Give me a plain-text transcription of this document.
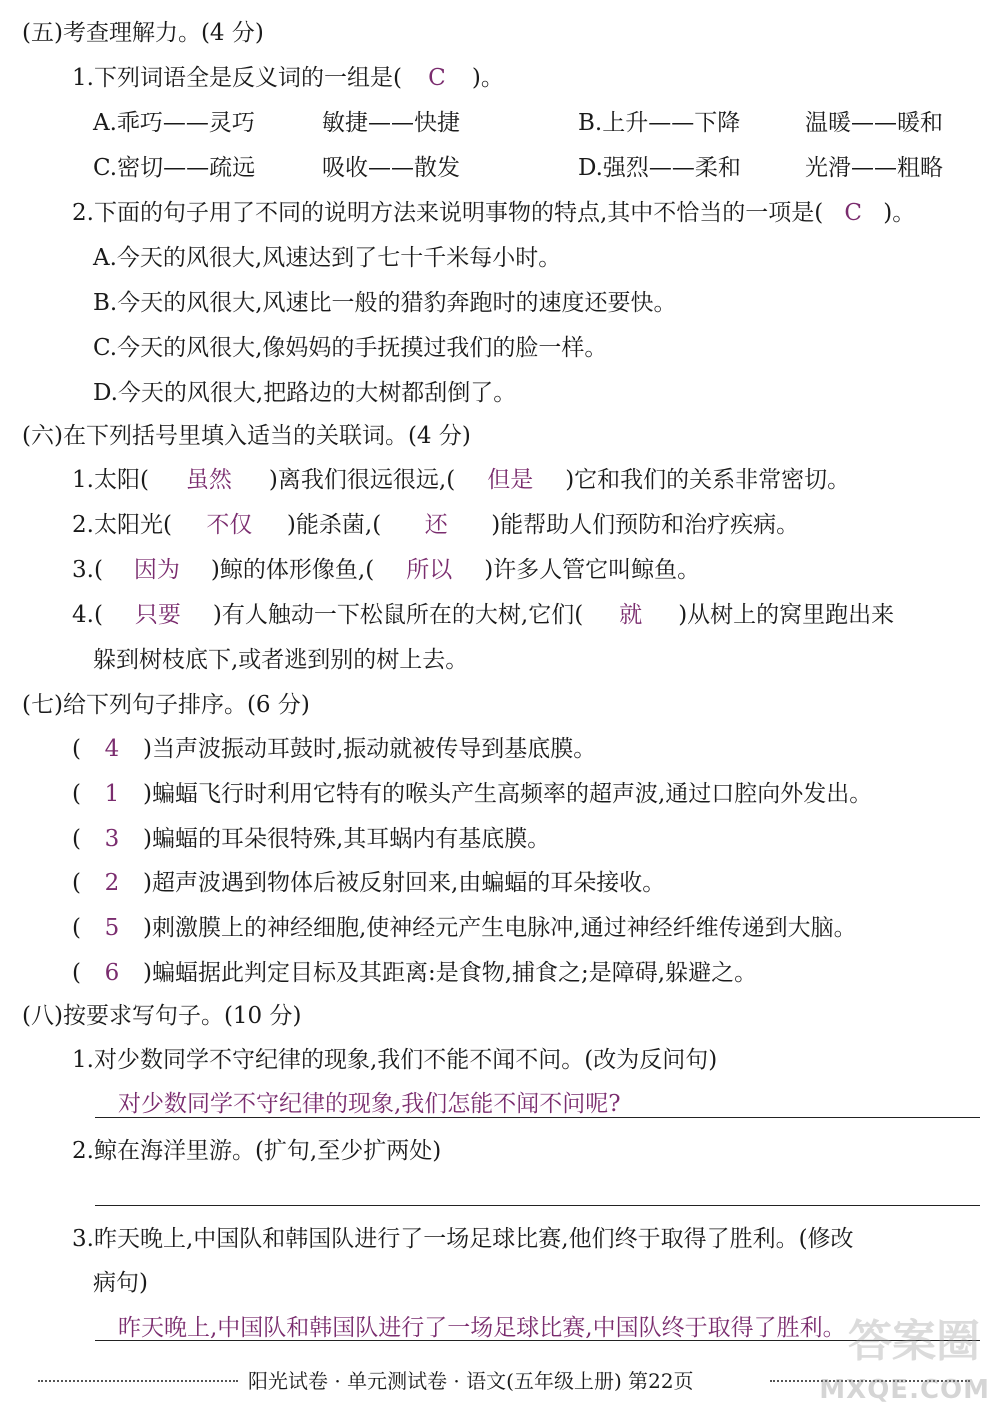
(五)考查理解力。(4 分)
1.下列词语全是反义词的一组是( C )。
A.乖巧——灵巧	敏捷——快捷	B.上升——下降	温暖——暖和
C.密切——疏远	吸收——散发	D.强烈——柔和	光滑——粗略
2.下面的句子用了不同的说明方法来说明事物的特点,其中不恰当的一项是( C )。
A.今天的风很大,风速达到了七十千米每小时。
B.今天的风很大,风速比一般的猎豹奔跑时的速度还要快。
C.今天的风很大,像妈妈的手抚摸过我们的脸一样。
D.今天的风很大,把路边的大树都刮倒了。
(六)在下列括号里填入适当的关联词。(4 分)
1.太阳( 虽然 )离我们很远很远,( 但是 )它和我们的关系非常密切。
2.太阳光( 不仅 )能杀菌,( 还 )能帮助人们预防和治疗疾病。
3.( 因为 )鲸的体形像鱼,( 所以 )许多人管它叫鲸鱼。
4.( 只要 )有人触动一下松鼠所在的大树,它们( 就 )从树上的窝里跑出来
躲到树枝底下,或者逃到别的树上去。
(七)给下列句子排序。(6 分)
( 4 )当声波振动耳鼓时,振动就被传导到基底膜。
( 1 )蝙蝠飞行时利用它特有的喉头产生高频率的超声波,通过口腔向外发出。
( 3 )蝙蝠的耳朵很特殊,其耳蜗内有基底膜。
( 2 )超声波遇到物体后被反射回来,由蝙蝠的耳朵接收。
( 5 )刺激膜上的神经细胞,使神经元产生电脉冲,通过神经纤维传递到大脑。
( 6 )蝙蝠据此判定目标及其距离:是食物,捕食之;是障碍,躲避之。
(八)按要求写句子。(10 分)
1.对少数同学不守纪律的现象,我们不能不闻不问。(改为反问句)
对少数同学不守纪律的现象,我们怎能不闻不问呢?
2.鲸在海洋里游。(扩句,至少扩两处)
3.昨天晚上,中国队和韩国队进行了一场足球比赛,他们终于取得了胜利。(修改
病句)
昨天晚上,中国队和韩国队进行了一场足球比赛,中国队终于取得了胜利。
阳光试卷 · 单元测试卷 · 语文(五年级上册) 第22页
答案圈
MXQE.COM
